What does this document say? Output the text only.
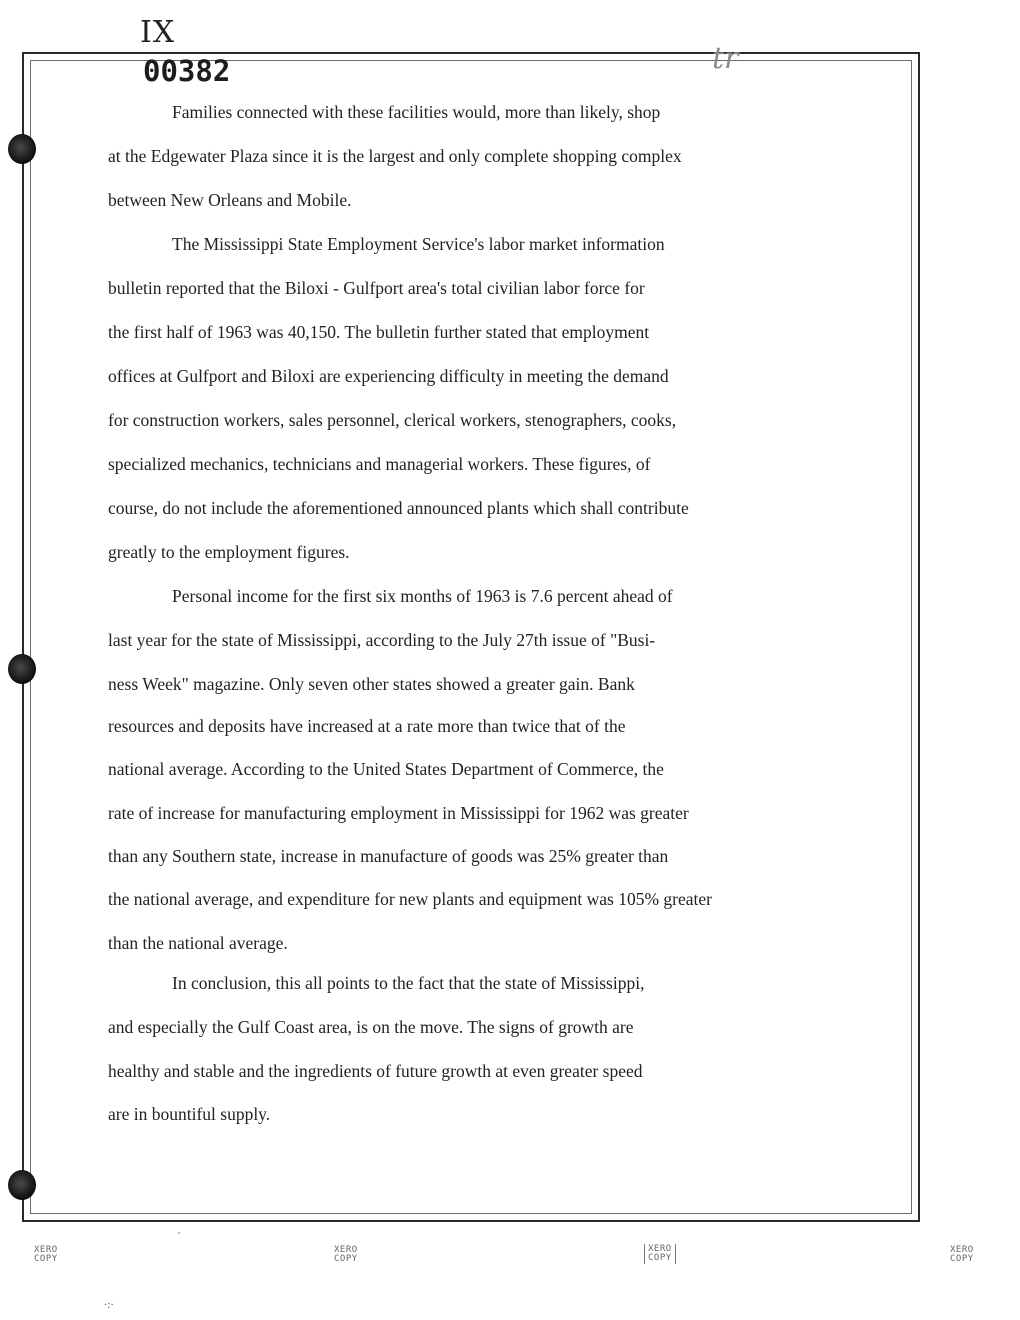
IX
00382	tr
Families connected with these facilities would, more than likely, shop
at the Edgewater Plaza since it is the largest and only complete shopping complex
between New Orleans and Mobile.
The Mississippi State Employment Service's labor market information
bulletin reported that the Biloxi - Gulfport area's total civilian labor force for
the first half of 1963 was 40,150. The bulletin further stated that employment
offices at Gulfport and Biloxi are experiencing difficulty in meeting the demand
for construction workers, sales personnel, clerical workers, stenographers, cooks,
specialized mechanics, technicians and managerial workers. These figures, of
course, do not include the aforementioned announced plants which shall contribute
greatly to the employment figures.
Personal income for the first six months of 1963 is 7.6 percent ahead of
last year for the state of Mississippi, according to the July 27th issue of "Busi-
ness Week" magazine. Only seven other states showed a greater gain. Bank
resources and deposits have increased at a rate more than twice that of the
national average. According to the United States Department of Commerce, the
rate of increase for manufacturing employment in Mississippi for 1962 was greater
than any Southern state, increase in manufacture of goods was 25% greater than
the national average, and expenditure for new plants and equipment was 105% greater
than the national average.
In conclusion, this all points to the fact that the state of Mississippi,
and especially the Gulf Coast area, is on the move. The signs of growth are
healthy and stable and the ingredients of future growth at even greater speed
are in bountiful supply.
XERO
COPY
XERO
COPY
XERO
COPY
XERO
COPY
´
·:·
